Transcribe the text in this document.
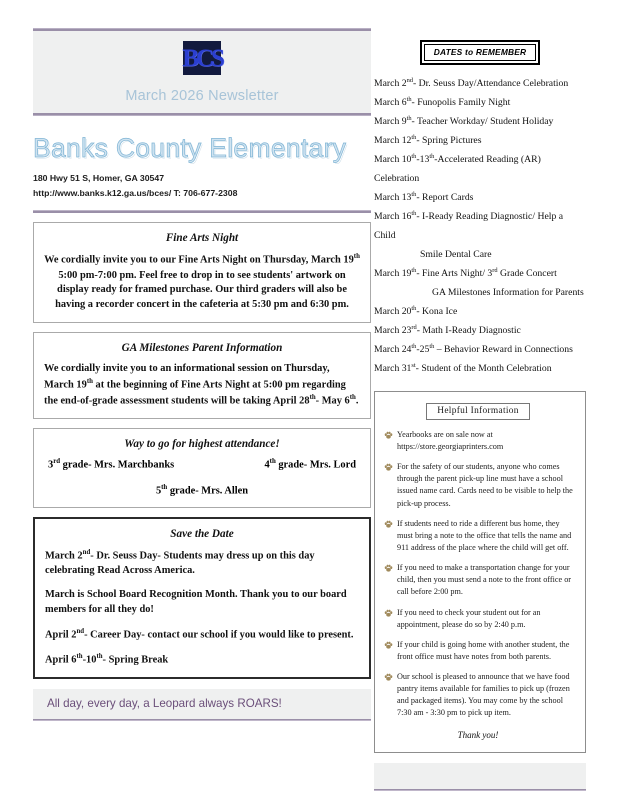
BCS
March 2026 Newsletter
Banks County Elementary
180 Hwy 51 S, Homer, GA 30547
http://www.banks.k12.ga.us/bces/ T: 706-677-2308
Fine Arts Night

We cordially invite you to our Fine Arts Night on Thursday, March 19th 5:00 pm-7:00 pm. Feel free to drop in to see students' artwork on display ready for framed purchase. Our third graders will also be having a recorder concert in the cafeteria at 5:30 pm and 6:30 pm.

GA Milestones Parent Information

We cordially invite you to an informational session on Thursday, March 19th at the beginning of Fine Arts Night at 5:00 pm regarding the end-of-grade assessment students will be taking April 28th- May 6th.

Way to go for highest attendance!
3rd grade- Mrs. Marchbanks	4th grade- Mrs. Lord
5th grade- Mrs. Allen
Save the Date

March 2nd- Dr. Seuss Day- Students may dress up on this day celebrating Read Across America.

March is School Board Recognition Month. Thank you to our board members for all they do!

April 2nd- Career Day- contact our school if you would like to present.

April 6th-10th- Spring Break

All day, every day, a Leopard always ROARS!
DATES to REMEMBER
March 2nd- Dr. Seuss Day/Attendance Celebration
March 6th- Funopolis Family Night
March 9th- Teacher Workday/ Student Holiday
March 12th- Spring Pictures
March 10th-13th-Accelerated Reading (AR) Celebration
March 13th- Report Cards
March 16th- I-Ready Reading Diagnostic/ Help a Child
Smile Dental Care
March 19th- Fine Arts Night/ 3rd Grade Concert
GA Milestones Information for Parents
March 20th- Kona Ice
March 23rd- Math I-Ready Diagnostic
March 24th-25th – Behavior Reward in Connections
March 31st- Student of the Month Celebration
Helpful Information
Yearbooks are on sale now at https://store.georgiaprinters.com
For the safety of our students, anyone who comes through the parent pick-up line must have a school issued name card. Cards need to be visible to help the pick-up process.
If students need to ride a different bus home, they must bring a note to the office that tells the name and 911 address of the place where the child will get off.
If you need to make a transportation change for your child, then you must send a note to the front office or call before 2:00 pm.
If you need to check your student out for an appointment, please do so by 2:40 p.m.
If your child is going home with another student, the front office must have notes from both parents.
Our school is pleased to announce that we have food pantry items available for families to pick up (frozen and packaged items). You may come by the school 7:30 am - 3:30 pm to pick up item.
Thank you!
